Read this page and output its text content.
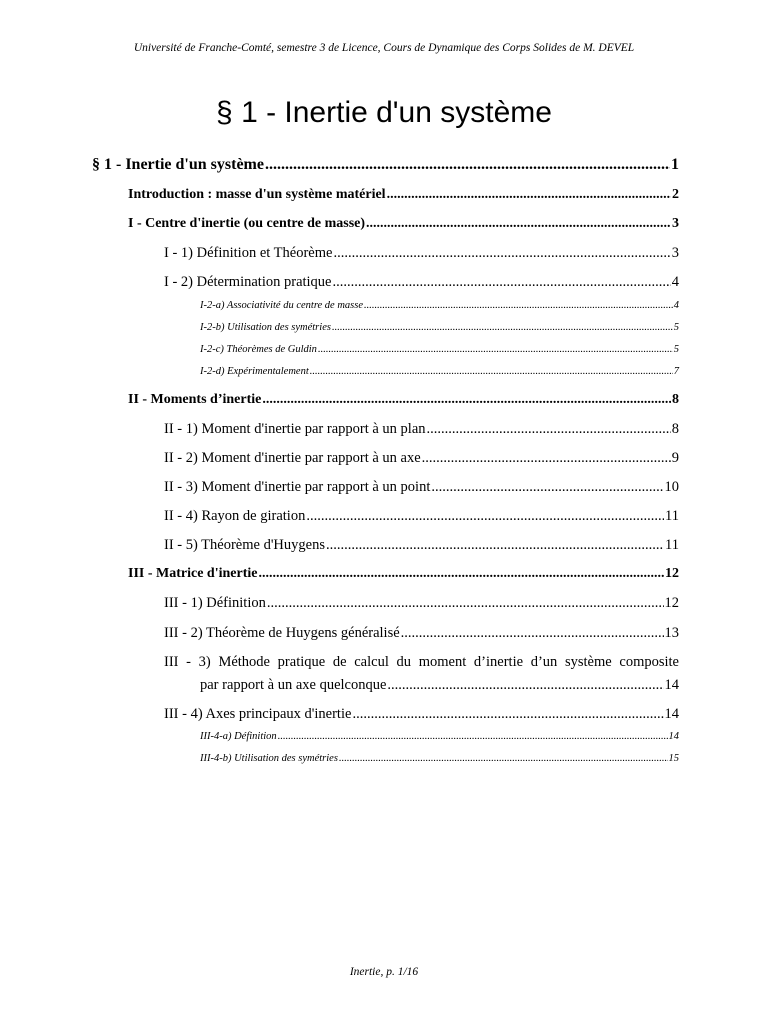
Université de Franche-Comté, semestre 3 de Licence, Cours de Dynamique des Corps Solides de M. DEVEL
§ 1 - Inertie d'un système
§ 1 - Inertie d'un système .....	1
Introduction : masse d'un système matériel .....	2
I - Centre d'inertie (ou centre de masse) .....	3
I - 1) Définition et Théorème .....	3
I - 2) Détermination pratique .....	4
I-2-a) Associativité du centre de masse .....	4
I-2-b) Utilisation des symétries .....	5
I-2-c) Théorèmes de Guldin .....	5
I-2-d) Expérimentalement .....	7
II - Moments d’inertie .....	8
II - 1) Moment d'inertie par rapport à un plan .....	8
II - 2) Moment d'inertie par rapport à un axe .....	9
II - 3) Moment d'inertie par rapport à un point .....	10
II - 4) Rayon de giration .....	11
II - 5) Théorème d'Huygens .....	11
III - Matrice d'inertie .....	12
III - 1) Définition .....	12
III - 2) Théorème de Huygens généralisé .....	13
III - 3) Méthode pratique de calcul du moment d’inertie d’un système composite
par rapport à un axe quelconque .....	14
III - 4) Axes principaux d'inertie .....	14
III-4-a) Définition .....	14
III-4-b) Utilisation des symétries .....	15
Inertie, p. 1/16
